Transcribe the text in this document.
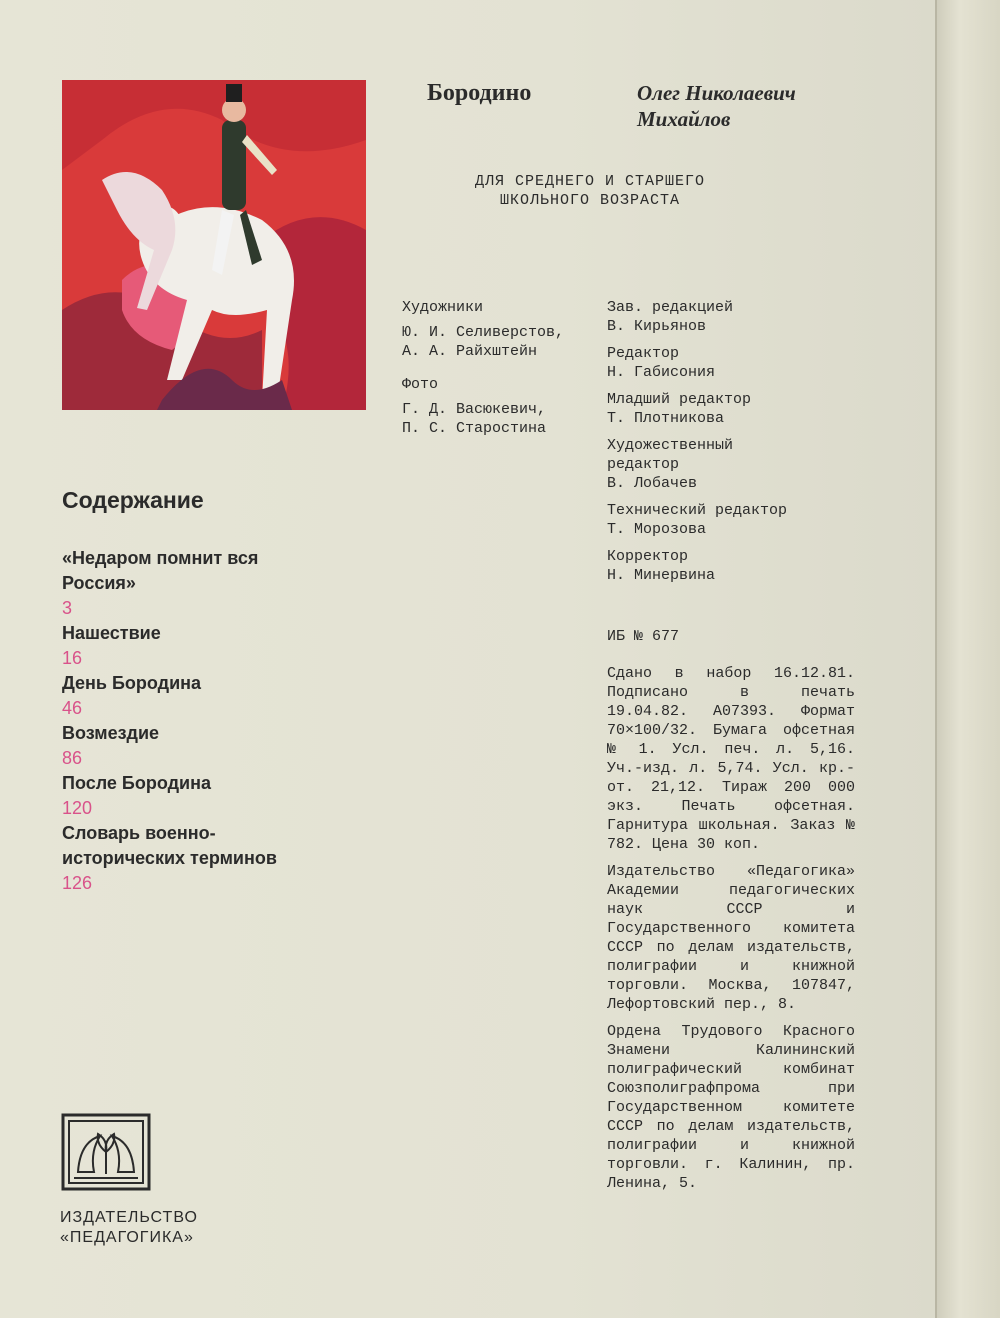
Бородино	Олег Николаевич
Михайлов
ДЛЯ СРЕДНЕГО И СТАРШЕГО
ШКОЛЬНОГО ВОЗРАСТА
Художники
Ю. И. Селиверстов,
А. А. Райхштейн
Фото
Г. Д. Васюкевич,
П. С. Старостина
Зав. редакцией
В. Кирьянов
Редактор
Н. Габисония
Младший редактор
Т. Плотникова
Художественный
редактор
В. Лобачев
Технический редактор
Т. Морозова
Корректор
Н. Минервина
Содержание
«Недаром помнит вся Россия»
3
Нашествие
16
День Бородина
46
Возмездие
86
После Бородина
120
Словарь военно-исторических терминов
126

ИБ № 677

Сдано в набор 16.12.81. Подписано в печать 19.04.82. А07393. Формат 70×100/32. Бумага офсетная № 1. Усл. печ. л. 5,16. Уч.-изд. л. 5,74. Усл. кр.-от. 21,12. Тираж 200 000 экз. Печать офсетная. Гарнитура школьная. Заказ № 782. Цена 30 коп.

Издательство «Педагогика» Академии педагогических наук СССР и Государственного комитета СССР по делам издательств, полиграфии и книжной торговли. Москва, 107847, Лефортовский пер., 8.

Ордена Трудового Красного Знамени Калининский полиграфический комбинат Союзполиграфпрома при Государственном комитете СССР по делам издательств, полиграфии и книжной торговли. г. Калинин, пр. Ленина, 5.

ИЗДАТЕЛЬСТВО
«ПЕДАГОГИКА»
